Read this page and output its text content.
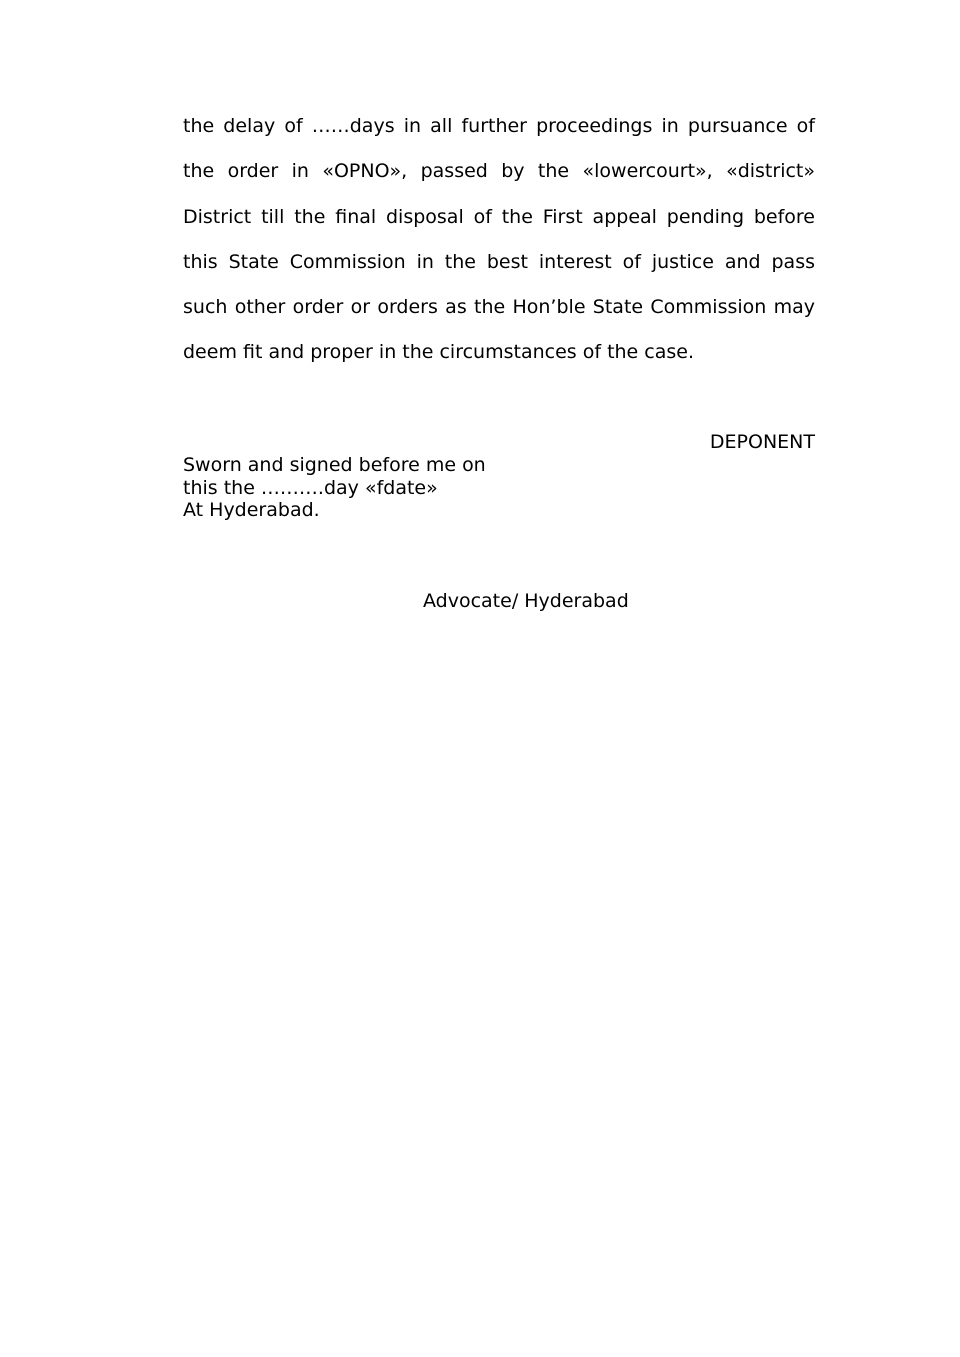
the delay of ……days in all further proceedings in pursuance of
the order in «OPNO», passed by the «lowercourt», «district»
District till the final disposal of the First appeal pending before
this State Commission in the best interest of justice and pass
such other order or orders as the Hon’ble State Commission may
deem fit and proper in the circumstances of the case.

DEPONENT

Sworn and signed before me on
this the ……….day «fdate»
At Hyderabad.

Advocate/ Hyderabad
